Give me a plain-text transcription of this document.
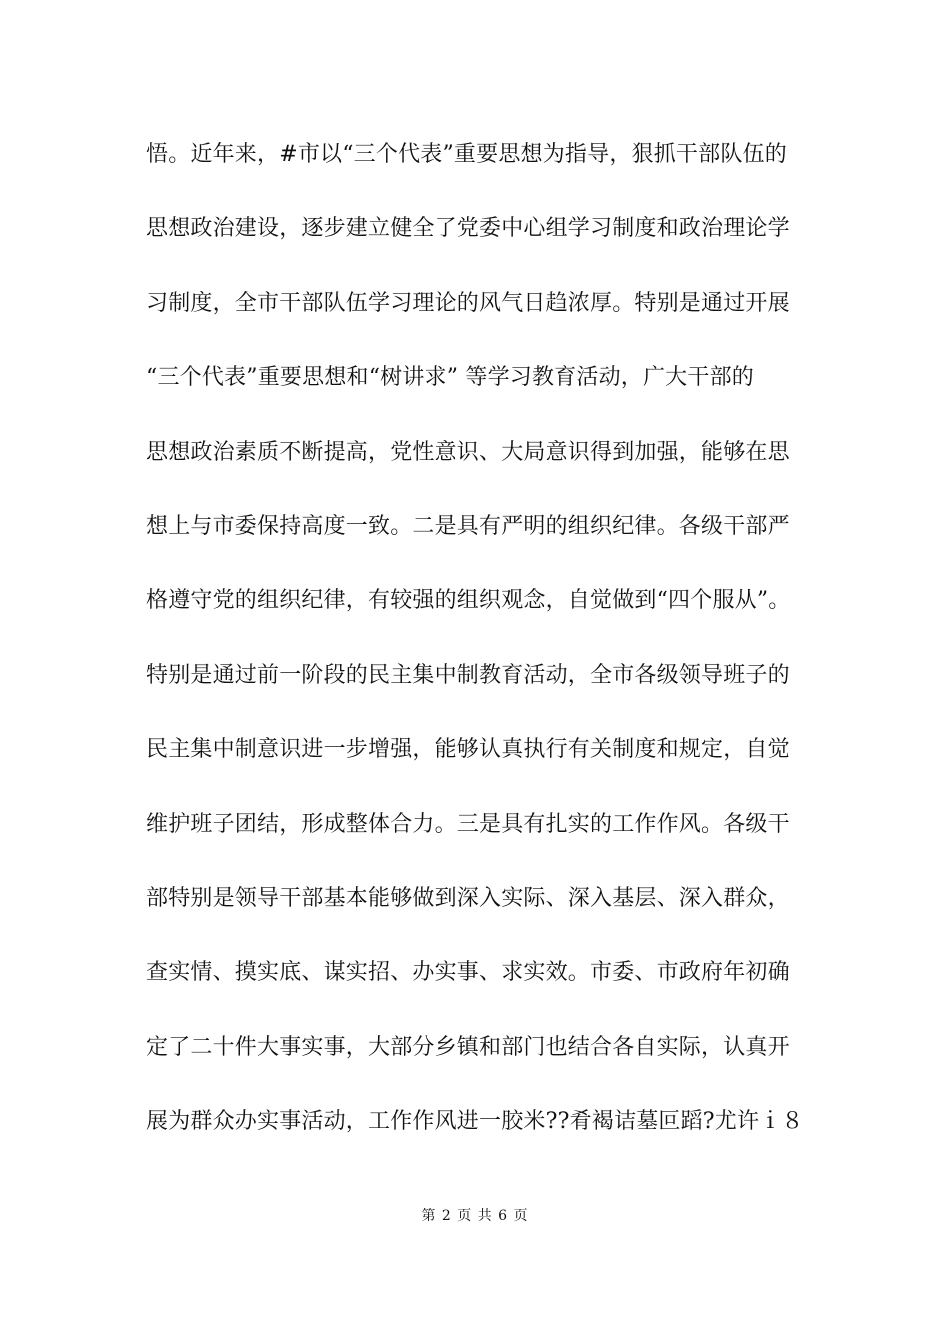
悟。近年来，#市以“三个代表”重要思想为指导，狠抓干部队伍的
思想政治建设，逐步建立健全了党委中心组学习制度和政治理论学
习制度，全市干部队伍学习理论的风气日趋浓厚。特别是通过开展
“三个代表”重要思想和“树讲求” 等学习教育活动，广大干部的
思想政治素质不断提高，党性意识、大局意识得到加强，能够在思
想上与市委保持高度一致。二是具有严明的组织纪律。各级干部严
格遵守党的组织纪律，有较强的组织观念，自觉做到“四个服从”。
特别是通过前一阶段的民主集中制教育活动，全市各级领导班子的
民主集中制意识进一步增强，能够认真执行有关制度和规定，自觉
维护班子团结，形成整体合力。三是具有扎实的工作作风。各级干
部特别是领导干部基本能够做到深入实际、深入基层、深入群众，
查实情、摸实底、谋实招、办实事、求实效。市委、市政府年初确
定了二十件大事实事，大部分乡镇和部门也结合各自实际，认真开
展为群众办实事活动，工作作风进一胶米??肴褐诘墓叵蹈?尤许ｉ８
第 2 页 共 6 页
